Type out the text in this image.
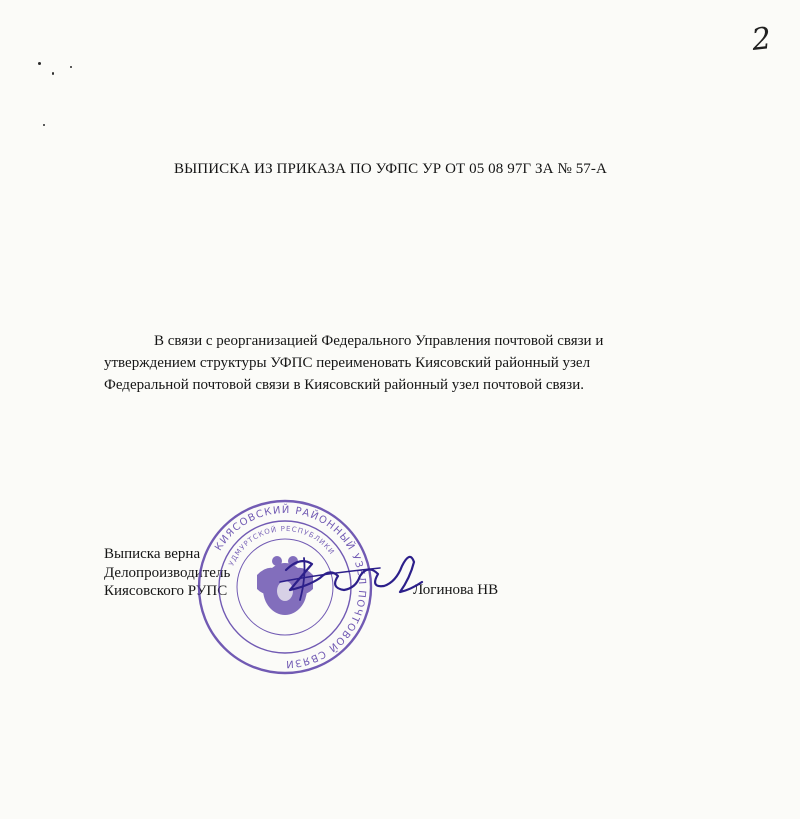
2
ВЫПИСКА ИЗ ПРИКАЗА ПО УФПС УР ОТ 05 08 97Г ЗА № 57-А
В связи с реорганизацией Федерального Управления почтовой связи и
утверждением структуры УФПС переименовать Киясовский районный узел
Федеральной почтовой связи в Киясовский районный узел почтовой связи.
Выписка верна
Делопроизводитель
Киясовского РУПС	Логинова НВ
КИЯСОВСКИЙ РАЙОННЫЙ УЗЕЛ ПОЧТОВОЙ СВЯЗИ
УДМУРТСКОЙ РЕСПУБЛИКИ
